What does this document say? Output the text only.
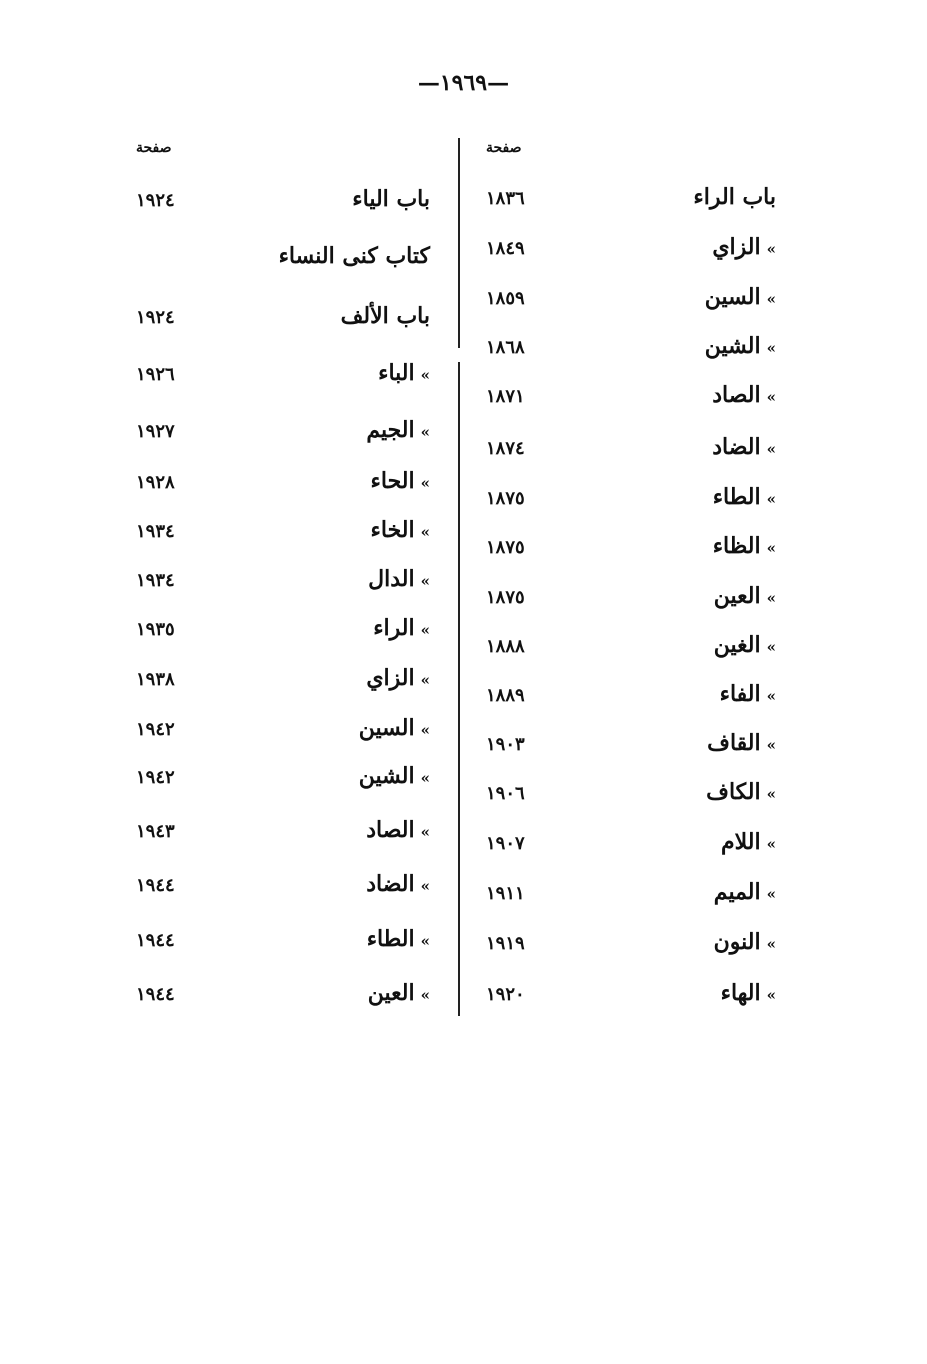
—١٩٦٩—
صفحة
صفحة
باب الراء
١٨٣٦
»الزاي
١٨٤٩
»السين
١٨٥٩
»الشين
١٨٦٨
»الصاد
١٨٧١
»الضاد
١٨٧٤
»الطاء
١٨٧٥
»الظاء
١٨٧٥
»العين
١٨٧٥
»الغين
١٨٨٨
»الفاء
١٨٨٩
»القاف
١٩٠٣
»الكاف
١٩٠٦
»اللام
١٩٠٧
»الميم
١٩١١
»النون
١٩١٩
»الهاء
١٩٢٠
باب الياء
١٩٢٤
كتاب كنى النساء
باب الألف
١٩٢٤
»الباء
١٩٢٦
»الجيم
١٩٢٧
»الحاء
١٩٢٨
»الخاء
١٩٣٤
»الدال
١٩٣٤
»الراء
١٩٣٥
»الزاي
١٩٣٨
»السين
١٩٤٢
»الشين
١٩٤٢
»الصاد
١٩٤٣
»الضاد
١٩٤٤
»الطاء
١٩٤٤
»العين
١٩٤٤
